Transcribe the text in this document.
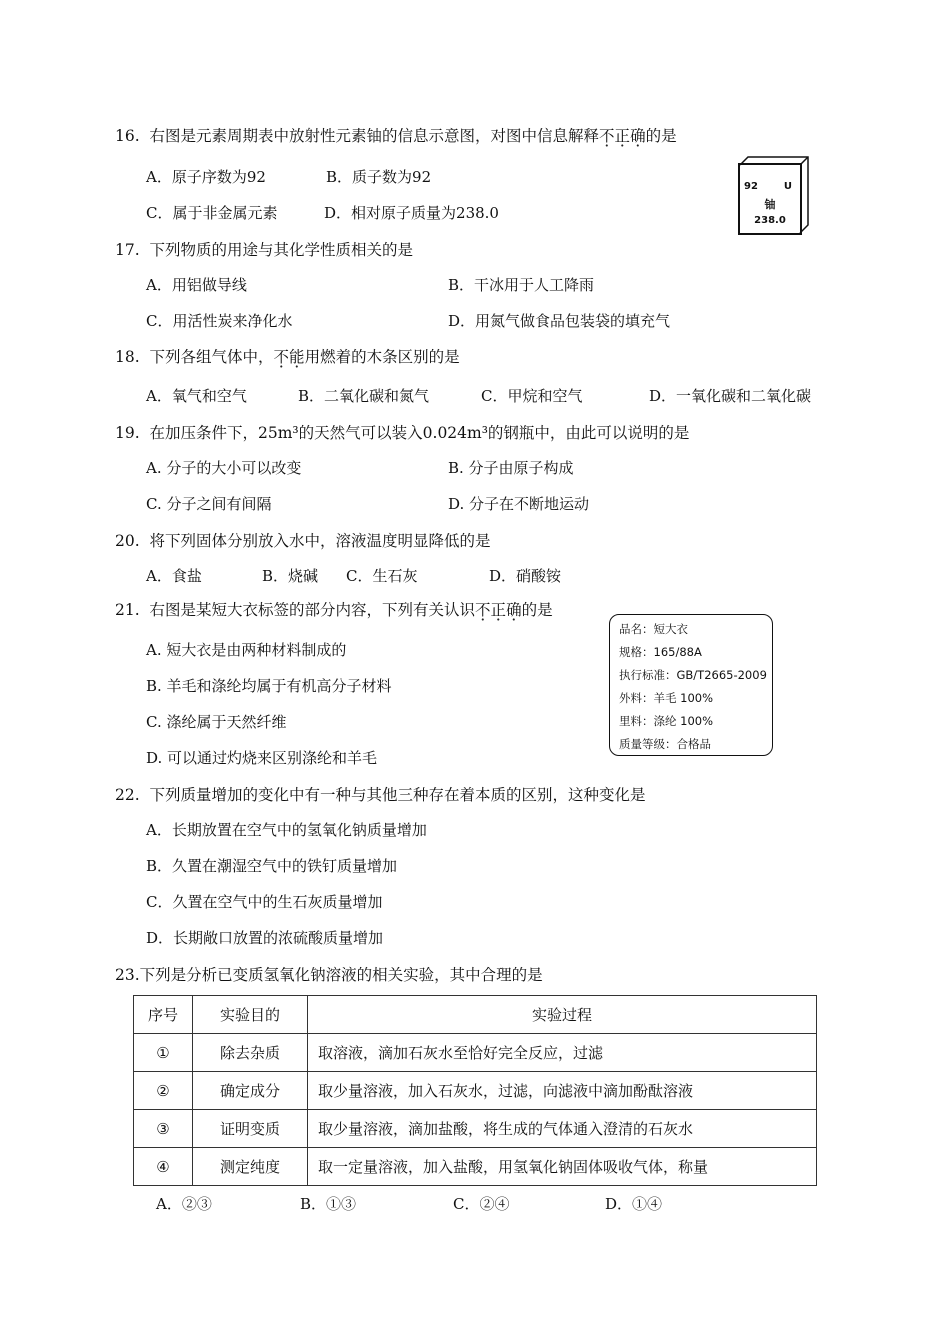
16. 右图是元素周期表中放射性元素铀的信息示意图，对图中信息解释不正确的是
A．原子序数为92	B．质子数为92
C．属于非金属元素	D．相对原子质量为238.0
92	U
铀
238.0
17. 下列物质的用途与其化学性质相关的是
A．用铝做导线	B．干冰用于人工降雨
C．用活性炭来净化水	D．用氮气做食品包装袋的填充气
18. 下列各组气体中，不能用燃着的木条区别的是
A．氧气和空气	B．二氧化碳和氮气	C．甲烷和空气	D．一氧化碳和二氧化碳
19. 在加压条件下，25m³的天然气可以装入0.024m³的钢瓶中，由此可以说明的是
A. 分子的大小可以改变	B. 分子由原子构成
C. 分子之间有间隔	D. 分子在不断地运动
20. 将下列固体分别放入水中，溶液温度明显降低的是
A．食盐	B．烧碱 C．生石灰	D．硝酸铵
21. 右图是某短大衣标签的部分内容，下列有关认识不正确的是
A. 短大衣是由两种材料制成的
B. 羊毛和涤纶均属于有机高分子材料
C. 涤纶属于天然纤维
D. 可以通过灼烧来区别涤纶和羊毛
品名：短大衣
规格：165/88A
执行标准：GB/T2665-2009
外料：羊毛 100%
里料：涤纶 100%
质量等级：合格品
22. 下列质量增加的变化中有一种与其他三种存在着本质的区别，这种变化是
A．长期放置在空气中的氢氧化钠质量增加
B．久置在潮湿空气中的铁钉质量增加
C．久置在空气中的生石灰质量增加
D．长期敞口放置的浓硫酸质量增加
23.下列是分析已变质氢氧化钠溶液的相关实验，其中合理的是
序号	实验目的	实验过程
①	除去杂质	取溶液，滴加石灰水至恰好完全反应，过滤
②	确定成分	取少量溶液，加入石灰水，过滤，向滤液中滴加酚酞溶液
③	证明变质	取少量溶液，滴加盐酸，将生成的气体通入澄清的石灰水
④	测定纯度	取一定量溶液，加入盐酸，用氢氧化钠固体吸收气体，称量
A．②③	B．①③	C．②④	D．①④
